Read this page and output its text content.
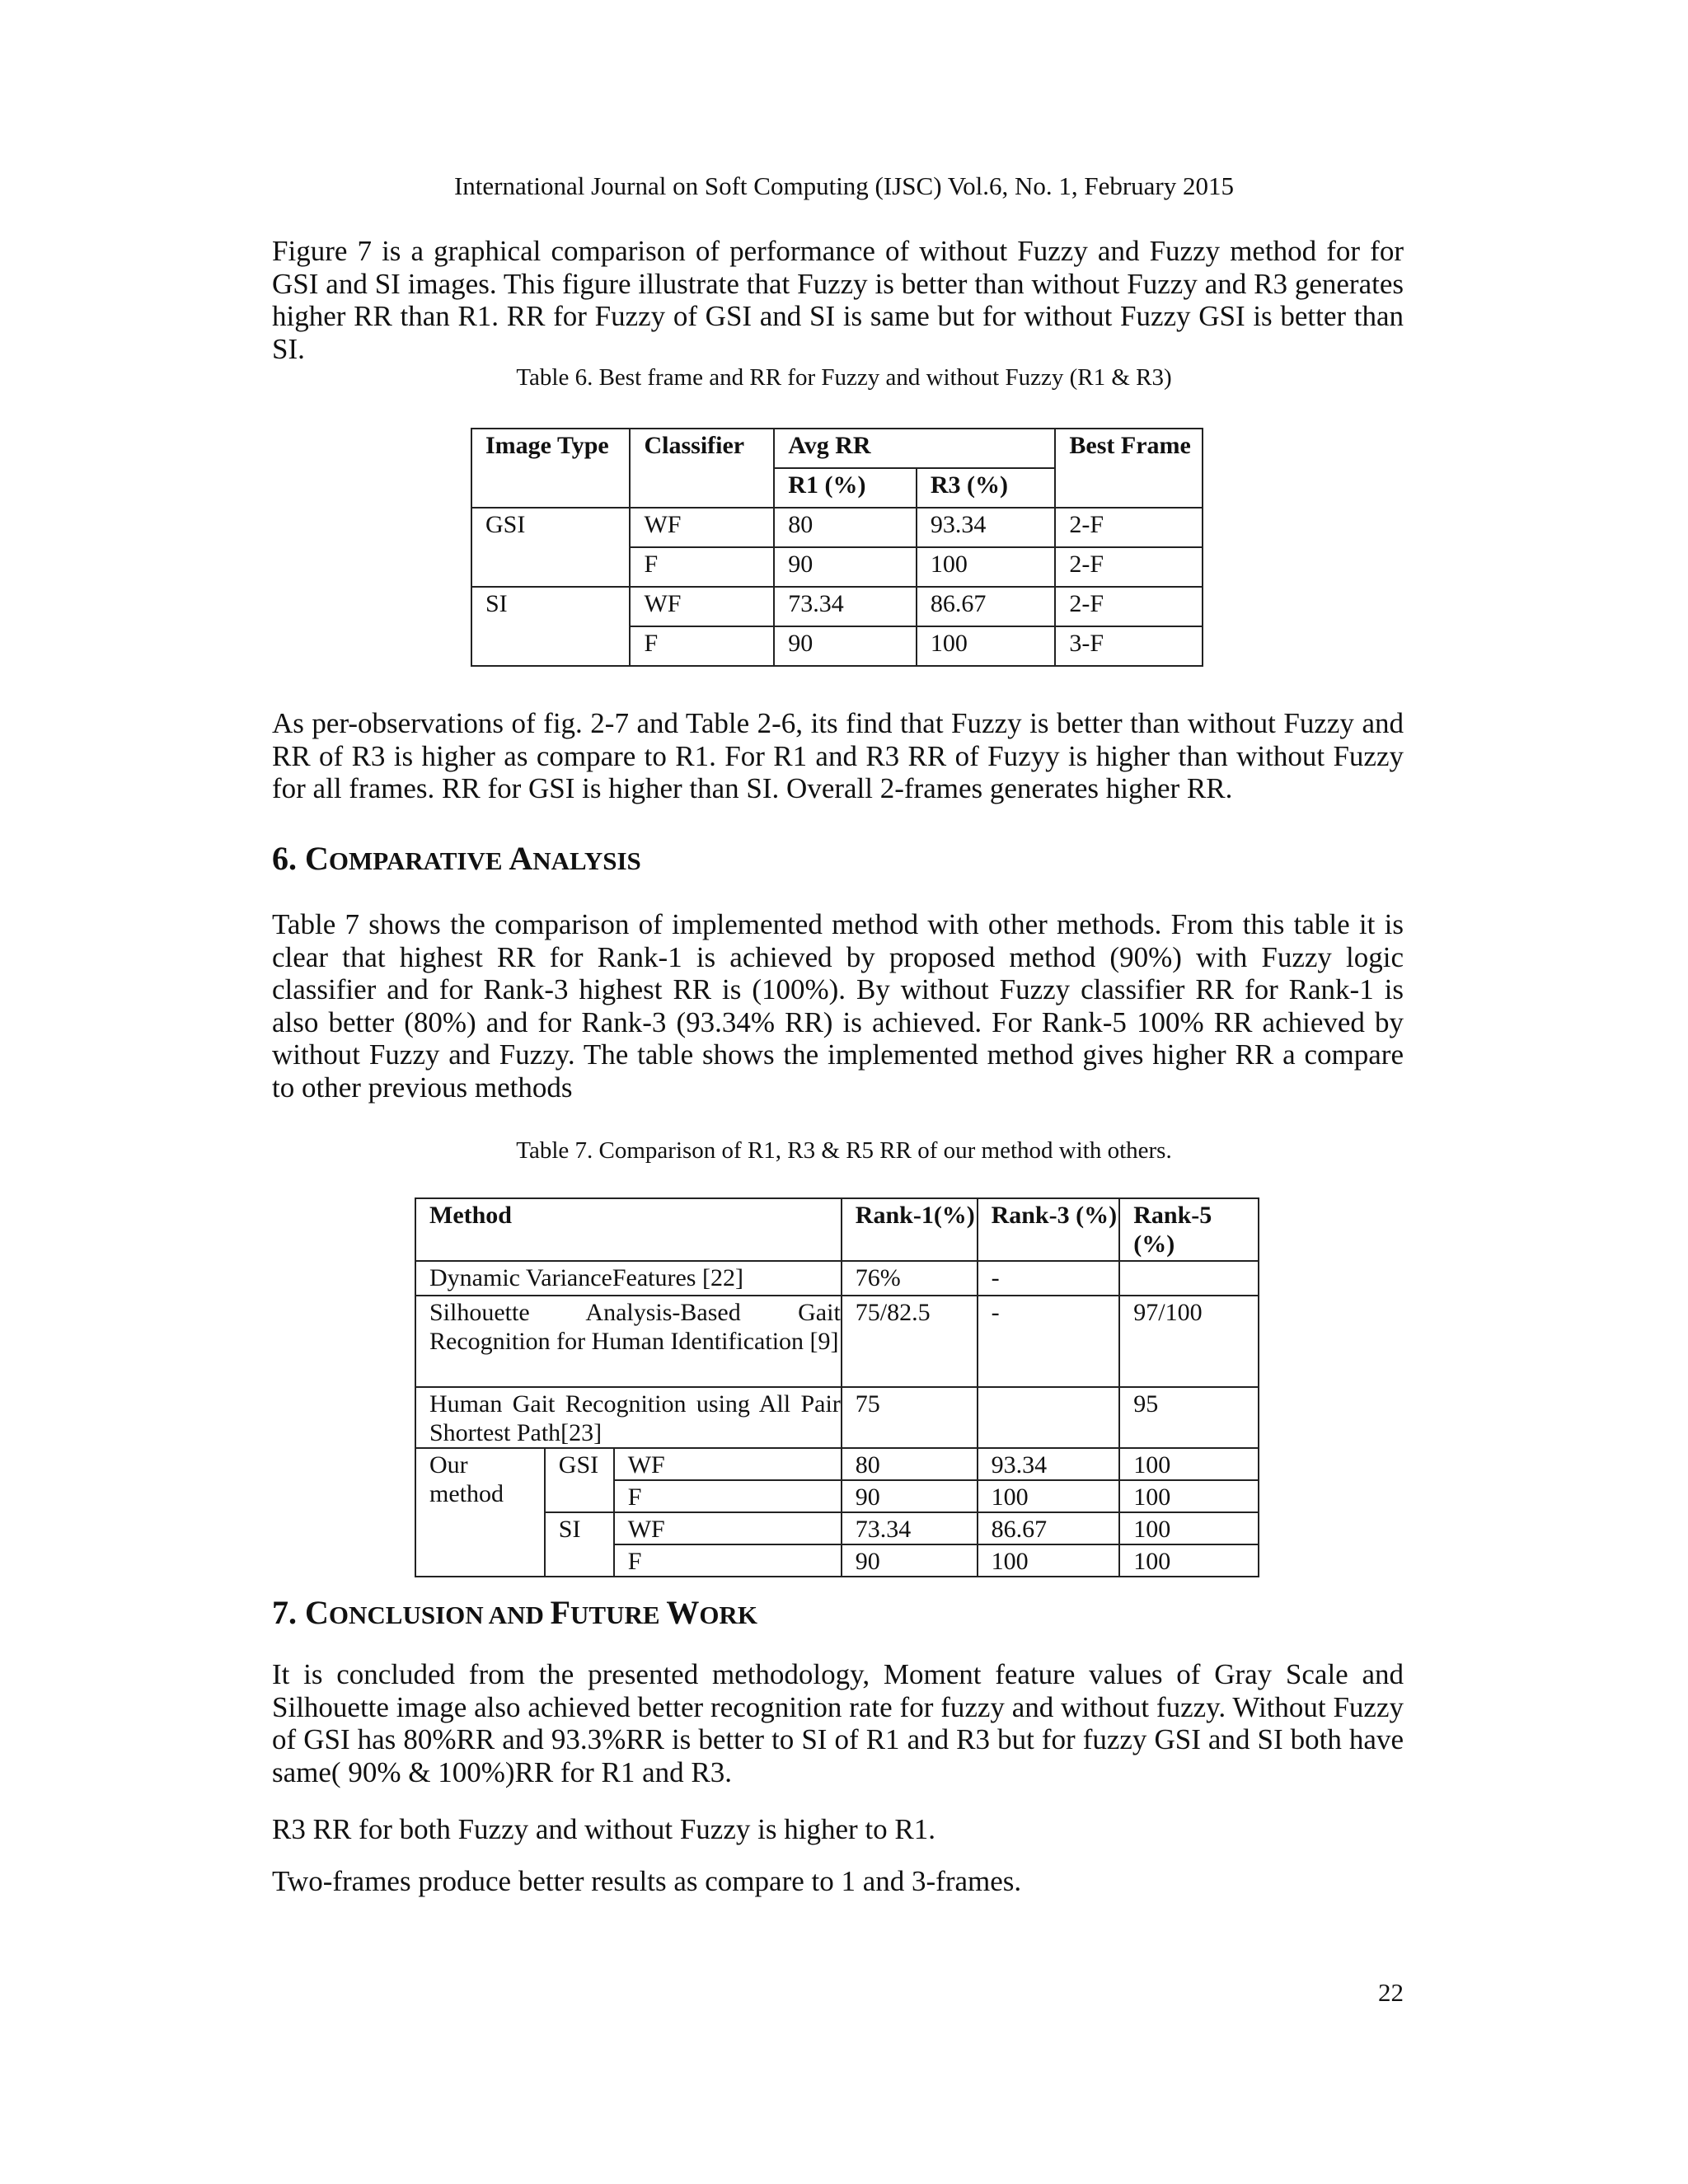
International Journal on Soft Computing (IJSC) Vol.6, No. 1, February 2015

Figure 7 is a graphical comparison of performance of without Fuzzy and Fuzzy method for for GSI and SI images. This figure illustrate that Fuzzy is better than without Fuzzy and R3 generates higher RR than R1. RR for Fuzzy of GSI and SI is same but for without Fuzzy GSI is better than SI.

Table 6. Best frame and RR for Fuzzy and without Fuzzy (R1 & R3)
Image Type	Classifier	Avg RR		Best Frame
		R1 (%)	R3 (%)	
GSI	WF	80	93.34	2-F
	F	90	100	2-F
SI	WF	73.34	86.67	2-F
	F	90	100	3-F

As per-observations of fig. 2-7 and Table 2-6, its find that Fuzzy is better than without Fuzzy and RR of R3 is higher as compare to R1. For R1 and R3 RR of Fuzyy is higher than without Fuzzy for all frames. RR for GSI is higher than SI. Overall 2-frames generates higher RR.

6. COMPARATIVE ANALYSIS

Table 7 shows the comparison of implemented method with other methods. From this table it is clear that highest RR for Rank-1 is achieved by proposed method (90%) with Fuzzy logic classifier and for Rank-3 highest RR is (100%). By without Fuzzy classifier RR for Rank-1 is also better (80%) and for Rank-3 (93.34% RR) is achieved. For Rank-5 100% RR achieved by without Fuzzy and Fuzzy. The table shows the implemented method gives higher RR a compare to other previous methods

Table 7. Comparison of R1, R3 & R5 RR of our method with others.
Method			Rank-1(%)	Rank-3 (%)	Rank-5 (%)
Dynamic VarianceFeatures [22]			76%	-	
Silhouette Analysis-Based Gait Recognition for Human Identification [9]			75/82.5	-	97/100
Human Gait Recognition using All Pair Shortest Path[23]			75		95
Our method	GSI	WF	80	93.34	100
		F	90	100	100
	SI	WF	73.34	86.67	100
		F	90	100	100
7. CONCLUSION AND FUTURE WORK

It is concluded from the presented methodology, Moment feature values of Gray Scale and Silhouette image also achieved better recognition rate for fuzzy and without fuzzy. Without Fuzzy of GSI has 80%RR and 93.3%RR is better to SI of R1 and R3 but for fuzzy GSI and SI both have same( 90% & 100%)RR for R1 and R3.

R3 RR for both Fuzzy and without Fuzzy is higher to R1.

Two-frames produce better results as compare to 1 and 3-frames.

22
